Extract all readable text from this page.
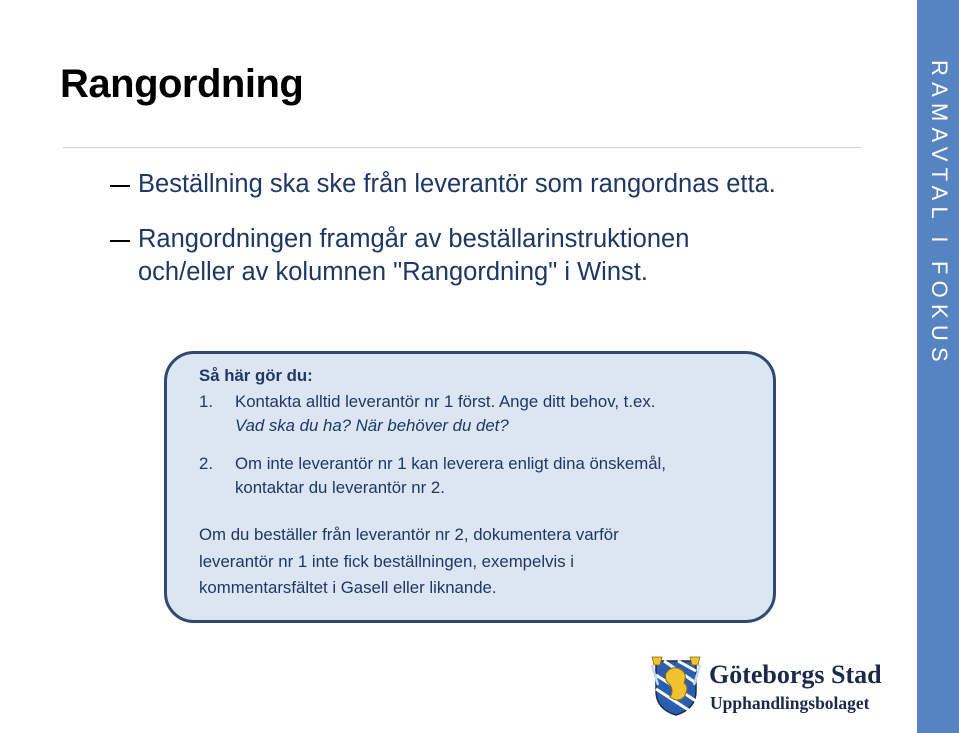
RAMAVTAL I FOKUS
Rangordning
Beställning ska ske från leverantör som rangordnas etta.
Rangordningen framgår av beställarinstruktionen
och/eller av kolumnen "Rangordning" i Winst.
Så här gör du:
1. Kontakta alltid leverantör nr 1 först. Ange ditt behov, t.ex.
Vad ska du ha? När behöver du det?
2. Om inte leverantör nr 1 kan leverera enligt dina önskemål,
kontaktar du leverantör nr 2.
Om du beställer från leverantör nr 2, dokumentera varför
leverantör nr 1 inte fick beställningen, exempelvis i
kommentarsfältet i Gasell eller liknande.
Göteborgs Stad
Upphandlingsbolaget
